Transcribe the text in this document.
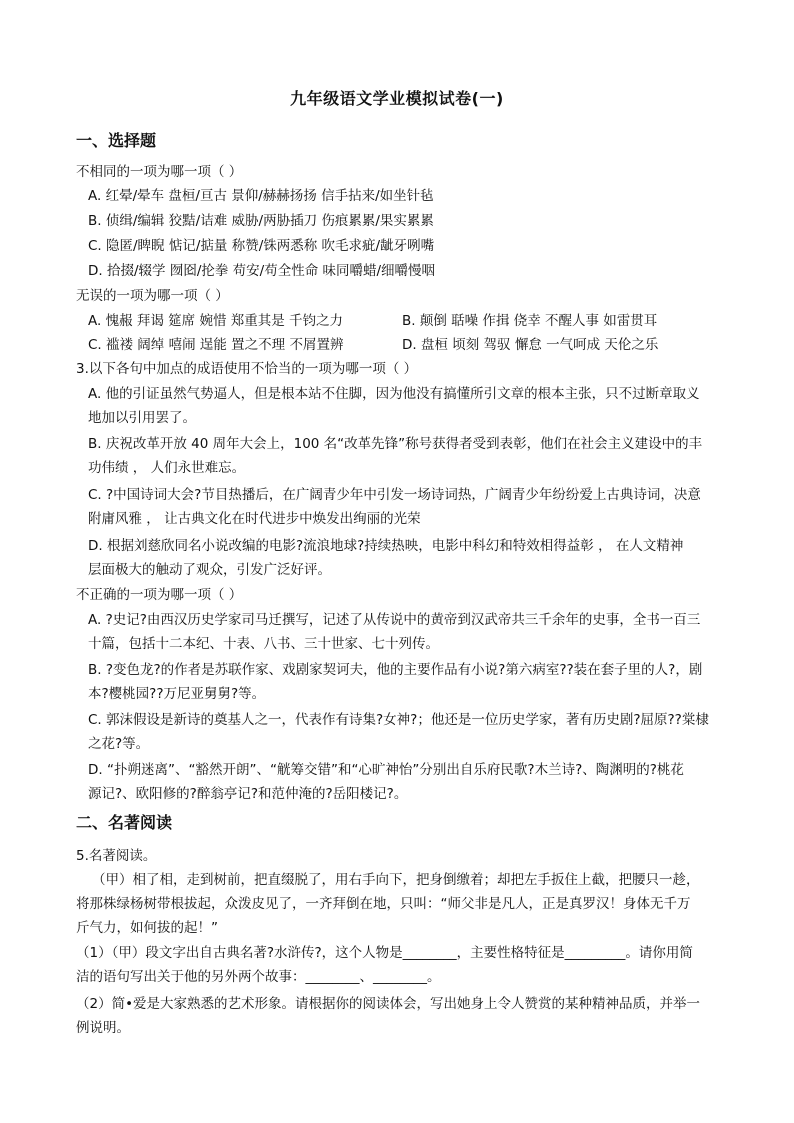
九年级语文学业模拟试卷(一)
一、选择题
不相同的一项为哪一项（ ）
A. 红晕/晕车 盘桓/亘古 景仰/赫赫扬扬 信手拈来/如坐针毡
B. 侦缉/编辑 狡黠/诘难 威胁/两胁插刀 伤痕累累/果实累累
C. 隐匿/睥睨 惦记/掂量 称赞/铢两悉称 吹毛求疵/龇牙咧嘴
D. 拾掇/辍学 囫囵/抡拳 苟安/苟全性命 味同嚼蜡/细嚼慢咽
无误的一项为哪一项（ ）
A. 愧赧 拜谒 筵席 婉惜 郑重其是 千钧之力	B. 颠倒 聒噪 作揖 侥幸 不醒人事 如雷贯耳
C. 褴褛 阔绰 嘻闹 逞能 置之不理 不屑置辨	D. 盘桓 顷刻 驾驭 懈怠 一气呵成 天伦之乐
3.以下各句中加点的成语使用不恰当的一项为哪一项（ ）
A. 他的引证虽然气势逼人，但是根本站不住脚，因为他没有搞懂所引文章的根本主张，只不过断章取义
地加以引用罢了。
B. 庆祝改革开放 40 周年大会上，100 名“改革先锋”称号获得者受到表彰，他们在社会主义建设中的丰
功伟绩 ， 人们永世难忘。
C. ?中国诗词大会?节目热播后，在广阔青少年中引发一场诗词热，广阔青少年纷纷爱上古典诗词，决意
附庸风雅 ， 让古典文化在时代进步中焕发出绚丽的光荣
D. 根据刘慈欣同名小说改编的电影?流浪地球?持续热映，电影中科幻和特效相得益彰 ， 在人文精神
层面极大的触动了观众，引发广泛好评。
不正确的一项为哪一项（ ）
A. ?史记?由西汉历史学家司马迁撰写，记述了从传说中的黄帝到汉武帝共三千余年的史事，全书一百三
十篇，包括十二本纪、十表、八书、三十世家、七十列传。
B. ?变色龙?的作者是苏联作家、戏剧家契诃夫，他的主要作品有小说?第六病室??装在套子里的人?，剧
本?樱桃园??万尼亚舅舅?等。
C. 郭沫假设是新诗的奠基人之一，代表作有诗集?女神?；他还是一位历史学家，著有历史剧?屈原??棠棣
之花?等。
D. “扑朔迷离”、“豁然开朗”、“觥筹交错”和“心旷神怡”分别出自乐府民歌?木兰诗?、陶渊明的?桃花
源记?、欧阳修的?醉翁亭记?和范仲淹的?岳阳楼记?。
二、名著阅读
5.名著阅读。
（甲）相了相，走到树前，把直缀脱了，用右手向下，把身倒缴着；却把左手扳住上截，把腰只一趁，
将那株绿杨树带根拔起，众泼皮见了，一齐拜倒在地，只叫：“师父非是凡人，正是真罗汉！身体无千万
斤气力，如何拔的起！”
（1）（甲）段文字出自古典名著?水浒传?，这个人物是________，主要性格特征是_________。请你用简
洁的语句写出关于他的另外两个故事：________、________。
（2）简•爱是大家熟悉的艺术形象。请根据你的阅读体会，写出她身上令人赞赏的某种精神品质，并举一
例说明。
